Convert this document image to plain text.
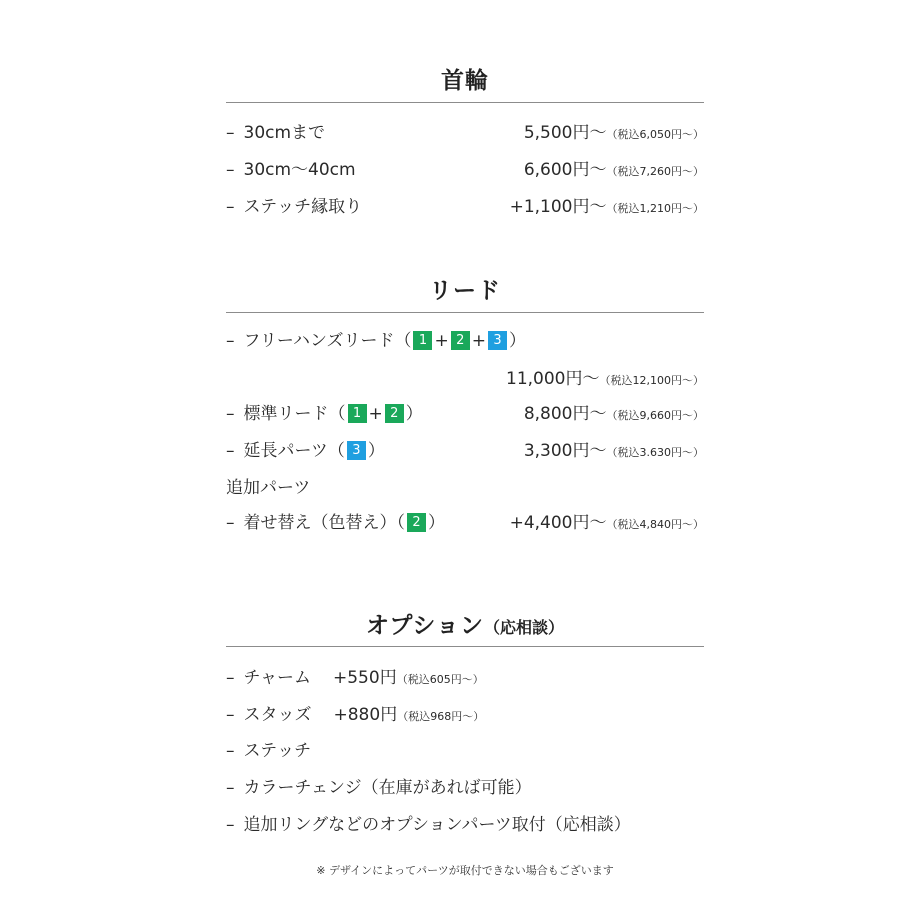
首輪
– 30cmまで	5,500円～（税込6,050円～）
– 30cm～40cm	6,600円～（税込7,260円～）
– ステッチ縁取り	+1,100円～（税込1,210円～）
リード
– フリーハンズリード（ 1 + 2 + 3 ）
11,000円～（税込12,100円～）
– 標準リード（ 1 + 2 ）	8,800円～（税込9,660円～）
– 延長パーツ（ 3 ）	3,300円～（税込3.630円～）
追加パーツ
– 着せ替え（色替え）（ 2 ）	+4,400円～（税込4,840円～）
オプション（応相談）
– チャーム +550円（税込605円～）
– スタッズ +880円（税込968円～）
– ステッチ
– カラーチェンジ（在庫があれば可能）
– 追加リングなどのオプションパーツ取付（応相談）
※ デザインによってパーツが取付できない場合もございます
